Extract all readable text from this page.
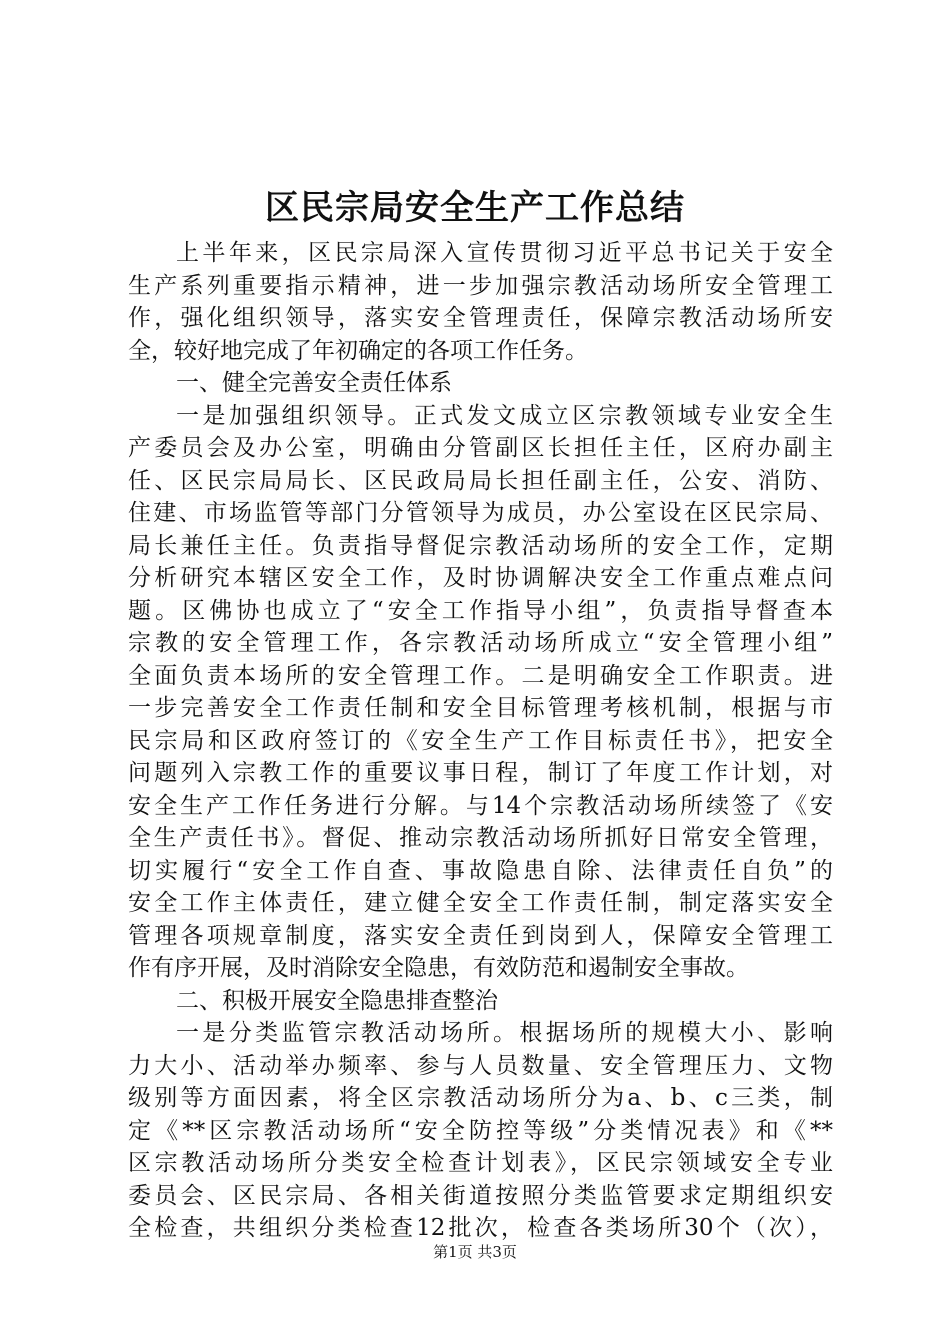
区民宗局安全生产工作总结
上半年来，区民宗局深入宣传贯彻习近平总书记关于安全
生产系列重要指示精神，进一步加强宗教活动场所安全管理工
作，强化组织领导，落实安全管理责任，保障宗教活动场所安
全，较好地完成了年初确定的各项工作任务。
一、健全完善安全责任体系
一是加强组织领导。正式发文成立区宗教领域专业安全生
产委员会及办公室，明确由分管副区长担任主任，区府办副主
任、区民宗局局长、区民政局局长担任副主任，公安、消防、
住建、市场监管等部门分管领导为成员，办公室设在区民宗局、
局长兼任主任。负责指导督促宗教活动场所的安全工作，定期
分析研究本辖区安全工作，及时协调解决安全工作重点难点问
题。区佛协也成立了“安全工作指导小组”，负责指导督查本
宗教的安全管理工作，各宗教活动场所成立“安全管理小组”
全面负责本场所的安全管理工作。二是明确安全工作职责。进
一步完善安全工作责任制和安全目标管理考核机制，根据与市
民宗局和区政府签订的《安全生产工作目标责任书》，把安全
问题列入宗教工作的重要议事日程，制订了年度工作计划，对
安全生产工作任务进行分解。与14个宗教活动场所续签了《安
全生产责任书》。督促、推动宗教活动场所抓好日常安全管理，
切实履行“安全工作自查、事故隐患自除、法律责任自负”的
安全工作主体责任，建立健全安全工作责任制，制定落实安全
管理各项规章制度，落实安全责任到岗到人，保障安全管理工
作有序开展，及时消除安全隐患，有效防范和遏制安全事故。
二、积极开展安全隐患排查整治
一是分类监管宗教活动场所。根据场所的规模大小、影响
力大小、活动举办频率、参与人员数量、安全管理压力、文物
级别等方面因素，将全区宗教活动场所分为a、b、c三类，制
定《**区宗教活动场所“安全防控等级”分类情况表》和《**
区宗教活动场所分类安全检查计划表》，区民宗领域安全专业
委员会、区民宗局、各相关街道按照分类监管要求定期组织安
全检查，共组织分类检查12批次，检查各类场所30个（次），
第1页 共3页
